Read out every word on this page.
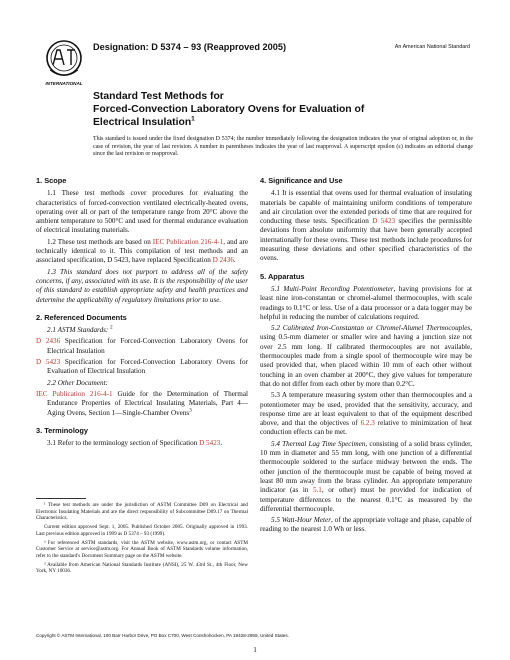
INTERNATIONAL
Designation: D 5374 – 93 (Reapproved 2005)	An American National Standard
Standard Test Methods for
Forced-Convection Laboratory Ovens for Evaluation of
Electrical Insulation$^1$
This standard is issued under the fixed designation D 5374; the number immediately following the designation indicates the year of original adoption or, in the case of revision, the year of last revision. A number in parentheses indicates the year of last reapproval. A superscript epsilon (ε) indicates an editorial change since the last revision or reapproval.
1. Scope

1.1 These test methods cover procedures for evaluating the characteristics of forced-convection ventilated electrically-heated ovens, operating over all or part of the temperature range from 20°C above the ambient temperature to 500°C and used for thermal endurance evaluation of electrical insulating materials.

1.2 These test methods are based on IEC Publication 216-4-1, and are technically identical to it. This compilation of test methods and an associated specification, D 5423, have replaced Specification D 2436.

1.3 This standard does not purport to address all of the safety concerns, if any, associated with its use. It is the responsibility of the user of this standard to establish appropriate safety and health practices and determine the applicability of regulatory limitations prior to use.

2. Referenced Documents

2.1 ASTM Standards: $^2$

D 2436 Specification for Forced-Convection Laboratory Ovens for Electrical Insulation

D 5423 Specification for Forced-Convection Laboratory Ovens for Evaluation of Electrical Insulation

2.2 Other Document:

IEC Publication 216-4-1 Guide for the Determination of Thermal Endurance Properties of Electrical Insulating Materials, Part 4—Aging Ovens, Section 1—Single-Chamber Ovens$^3$

3. Terminology

3.1 Refer to the terminology section of Specification D 5423.

4. Significance and Use

4.1 It is essential that ovens used for thermal evaluation of insulating materials be capable of maintaining uniform conditions of temperature and air circulation over the extended periods of time that are required for conducting these tests. Specification D 5423 specifies the permissible deviations from absolute uniformity that have been generally accepted internationally for these ovens. These test methods include procedures for measuring these deviations and other specified characteristics of the ovens.

5. Apparatus

5.1 Multi-Point Recording Potentiometer, having provisions for at least nine iron-constantan or chromel-alumel thermocouples, with scale readings to 0.1°C or less. Use of a data processor or a data logger may be helpful in reducing the number of calculations required.

5.2 Calibrated Iron-Constantan or Chromel-Alumel Thermocouples, using 0.5-mm diameter or smaller wire and having a junction size not over 2.5 mm long. If calibrated thermocouples are not available, thermocouples made from a single spool of thermocouple wire may be used provided that, when placed within 10 mm of each other without touching in an oven chamber at 200°C, they give values for temperature that do not differ from each other by more than 0.2°C.

5.3 A temperature measuring system other than thermocouples and a potentiometer may be used, provided that the sensitivity, accuracy, and response time are at least equivalent to that of the equipment described above, and that the objectives of 6.2.3 relative to minimization of heat conduction effects can be met.

5.4 Thermal Lag Time Specimen, consisting of a solid brass cylinder, 10 mm in diameter and 55 mm long, with one junction of a differential thermocouple soldered to the surface midway between the ends. The other junction of the thermocouple must be capable of being moved at least 80 mm away from the brass cylinder. An appropriate temperature indicator (as in 5.1, or other) must be provided for indication of temperature differences to the nearest 0.1°C as measured by the differential thermocouple.

5.5 Watt-Hour Meter, of the appropriate voltage and phase, capable of reading to the nearest 1.0 Wh or less.

¹ These test methods are under the jurisdiction of ASTM Committee D09 on Electrical and Electronic Insulating Materials and are the direct responsibility of Subcommittee D09.17 on Thermal Characteristics.

Current edition approved Sept. 1, 2005. Published October 2005. Originally approved in 1993. Last previous edition approved in 1999 as D 5374 – 93 (1999).

² For referenced ASTM standards, visit the ASTM website, www.astm.org, or contact ASTM Customer Service at service@astm.org. For Annual Book of ASTM Standards volume information, refer to the standard's Document Summary page on the ASTM website.

³ Available from American National Standards Institute (ANSI), 25 W. 43rd St., 4th Floor, New York, NY 10036.

Copyright © ASTM International, 100 Barr Harbor Drive, PO Box C700, West Conshohocken, PA 19428-2959, United States.
1
